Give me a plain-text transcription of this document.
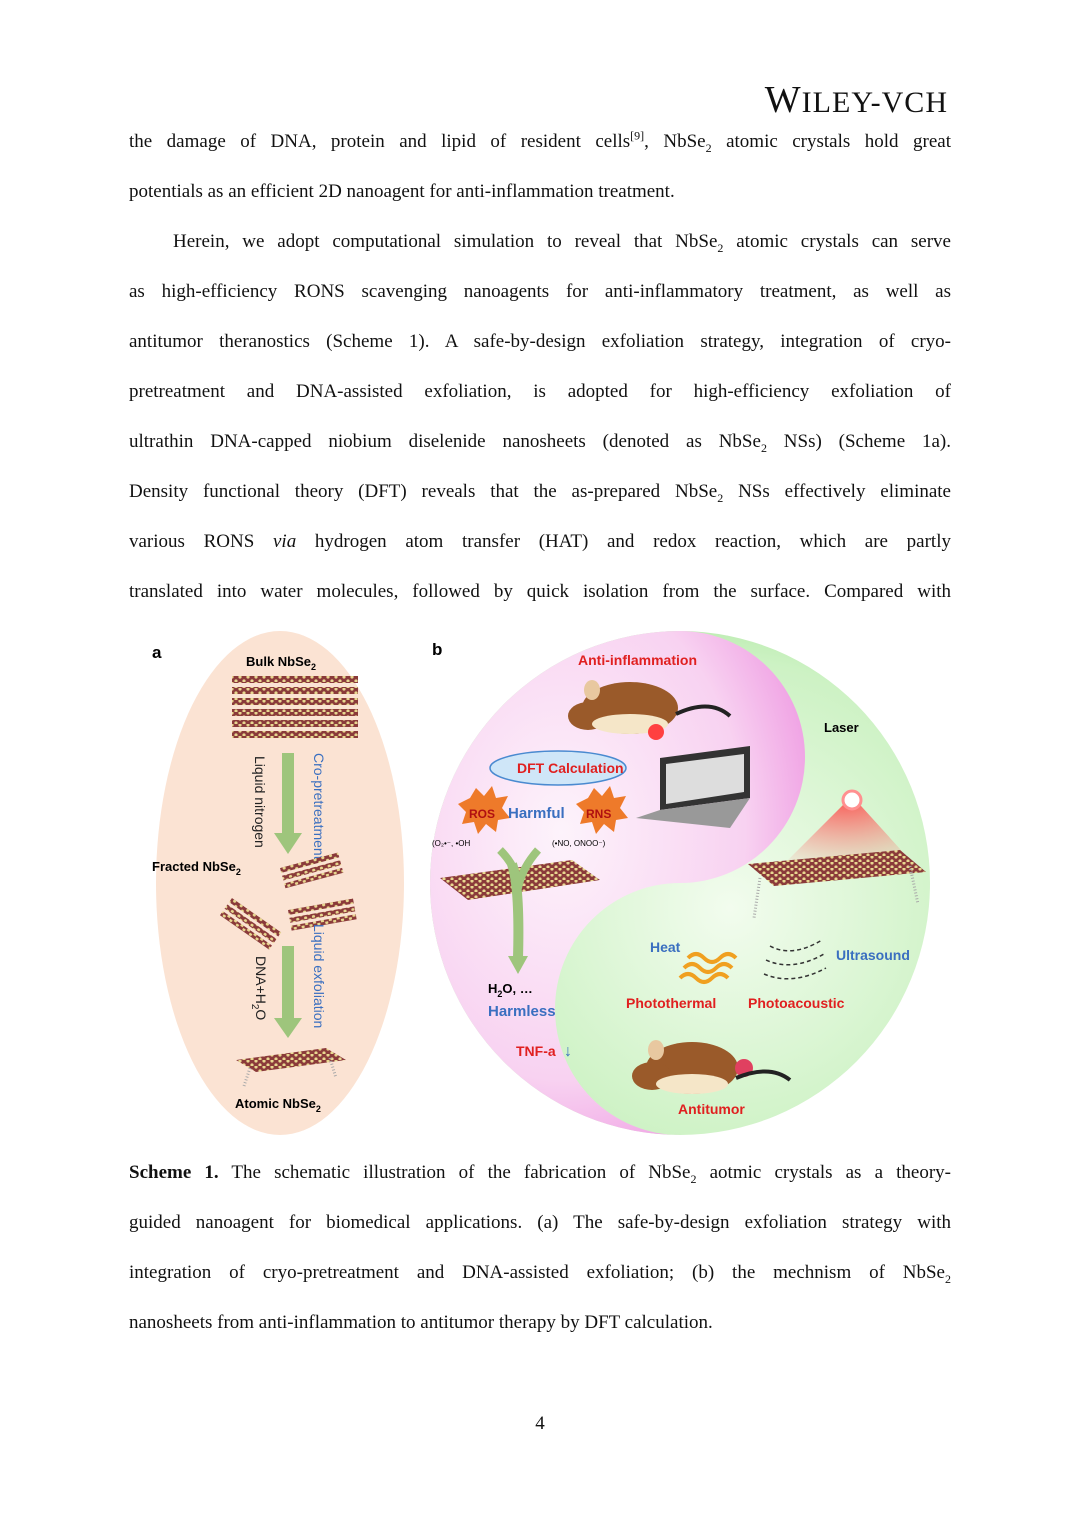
WILEY-VCH
the damage of DNA, protein and lipid of resident cells[9], NbSe$_2$ atomic crystals hold great
potentials as an efficient 2D nanoagent for anti-inflammation treatment.
Herein, we adopt computational simulation to reveal that NbSe$_2$ atomic crystals can serve
as high-efficiency RONS scavenging nanoagents for anti-inflammatory treatment, as well as
antitumor theranostics (Scheme 1). A safe-by-design exfoliation strategy, integration of cryo-
pretreatment and DNA-assisted exfoliation, is adopted for high-efficiency exfoliation of
ultrathin DNA-capped niobium diselenide nanosheets (denoted as NbSe$_2$ NSs) (Scheme 1a).
Density functional theory (DFT) reveals that the as-prepared NbSe$_2$ NSs effectively eliminate
various RONS via hydrogen atom transfer (HAT) and redox reaction, which are partly
translated into water molecules, followed by quick isolation from the surface. Compared with
a	Bulk NbSe$_2$
Liquid nitrogen	Cro-pretreatment
Fracted NbSe$_2$
$DNA+H_2O$	Liquid exfoliation
Atomic NbSe$_2$
b
Anti-inflammation
Laser
DFT Calculation
ROS Harmful RNS
(O₂•⁻, •OH	(•NO, ONOO⁻)
$H_2O$, …
Harmless
TNF-a ↓
Heat	Ultrasound
Photothermal Photoacoustic
Antitumor
Scheme 1. The schematic illustration of the fabrication of NbSe$_2$ aotmic crystals as a theory-
guided nanoagent for biomedical applications. (a) The safe-by-design exfoliation strategy with
integration of cryo-pretreatment and DNA-assisted exfoliation; (b) the mechnism of NbSe$_2$
nanosheets from anti-inflammation to antitumor therapy by DFT calculation.
4
